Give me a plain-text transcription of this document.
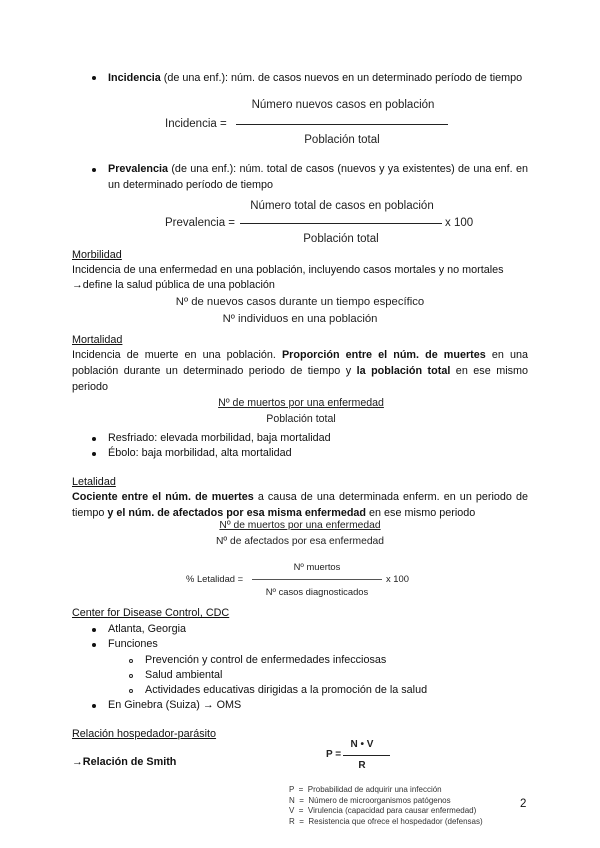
Incidencia (de una enf.): núm. de casos nuevos en un determinado período de tiempo
Número nuevos casos en población
Incidencia =
Población total
Prevalencia (de una enf.): núm. total de casos (nuevos y ya existentes) de una enf. en un determinado período de tiempo
Número total de casos en población
Prevalencia =	x 100
Población total
Morbilidad
Incidencia de una enfermedad en una población, incluyendo casos mortales y no mortales
→define la salud pública de una población
Nº de nuevos casos durante un tiempo específico
Nº individuos en una población
Mortalidad
Incidencia de muerte en una población. Proporción entre el núm. de muertes en una población durante un determinado periodo de tiempo y la población total en ese mismo periodo
Nº de muertos por una enfermedad
Población total
Resfriado: elevada morbilidad, baja mortalidad
Ébolo: baja morbilidad, alta mortalidad
Letalidad
Cociente entre el núm. de muertes a causa de una determinada enferm. en un periodo de tiempo y el núm. de afectados por esa misma enfermedad en ese mismo periodo
Nº de muertos por una enfermedad
Nº de afectados por esa enfermedad
Nº muertos
% Letalidad =	x 100
Nº casos diagnosticados
Center for Disease Control, CDC
Atlanta, Georgia
Funciones
Prevención y control de enfermedades infecciosas
Salud ambiental
Actividades educativas dirigidas a la promoción de la salud
En Ginebra (Suiza) → OMS
Relación hospedador-parásito
→Relación de Smith
P =
N • V
R
P  =  Probabilidad de adquirir una infección
N  =  Número de microorganismos patógenos
V  =  Virulencia (capacidad para causar enfermedad)
R  =  Resistencia que ofrece el hospedador (defensas)
2
